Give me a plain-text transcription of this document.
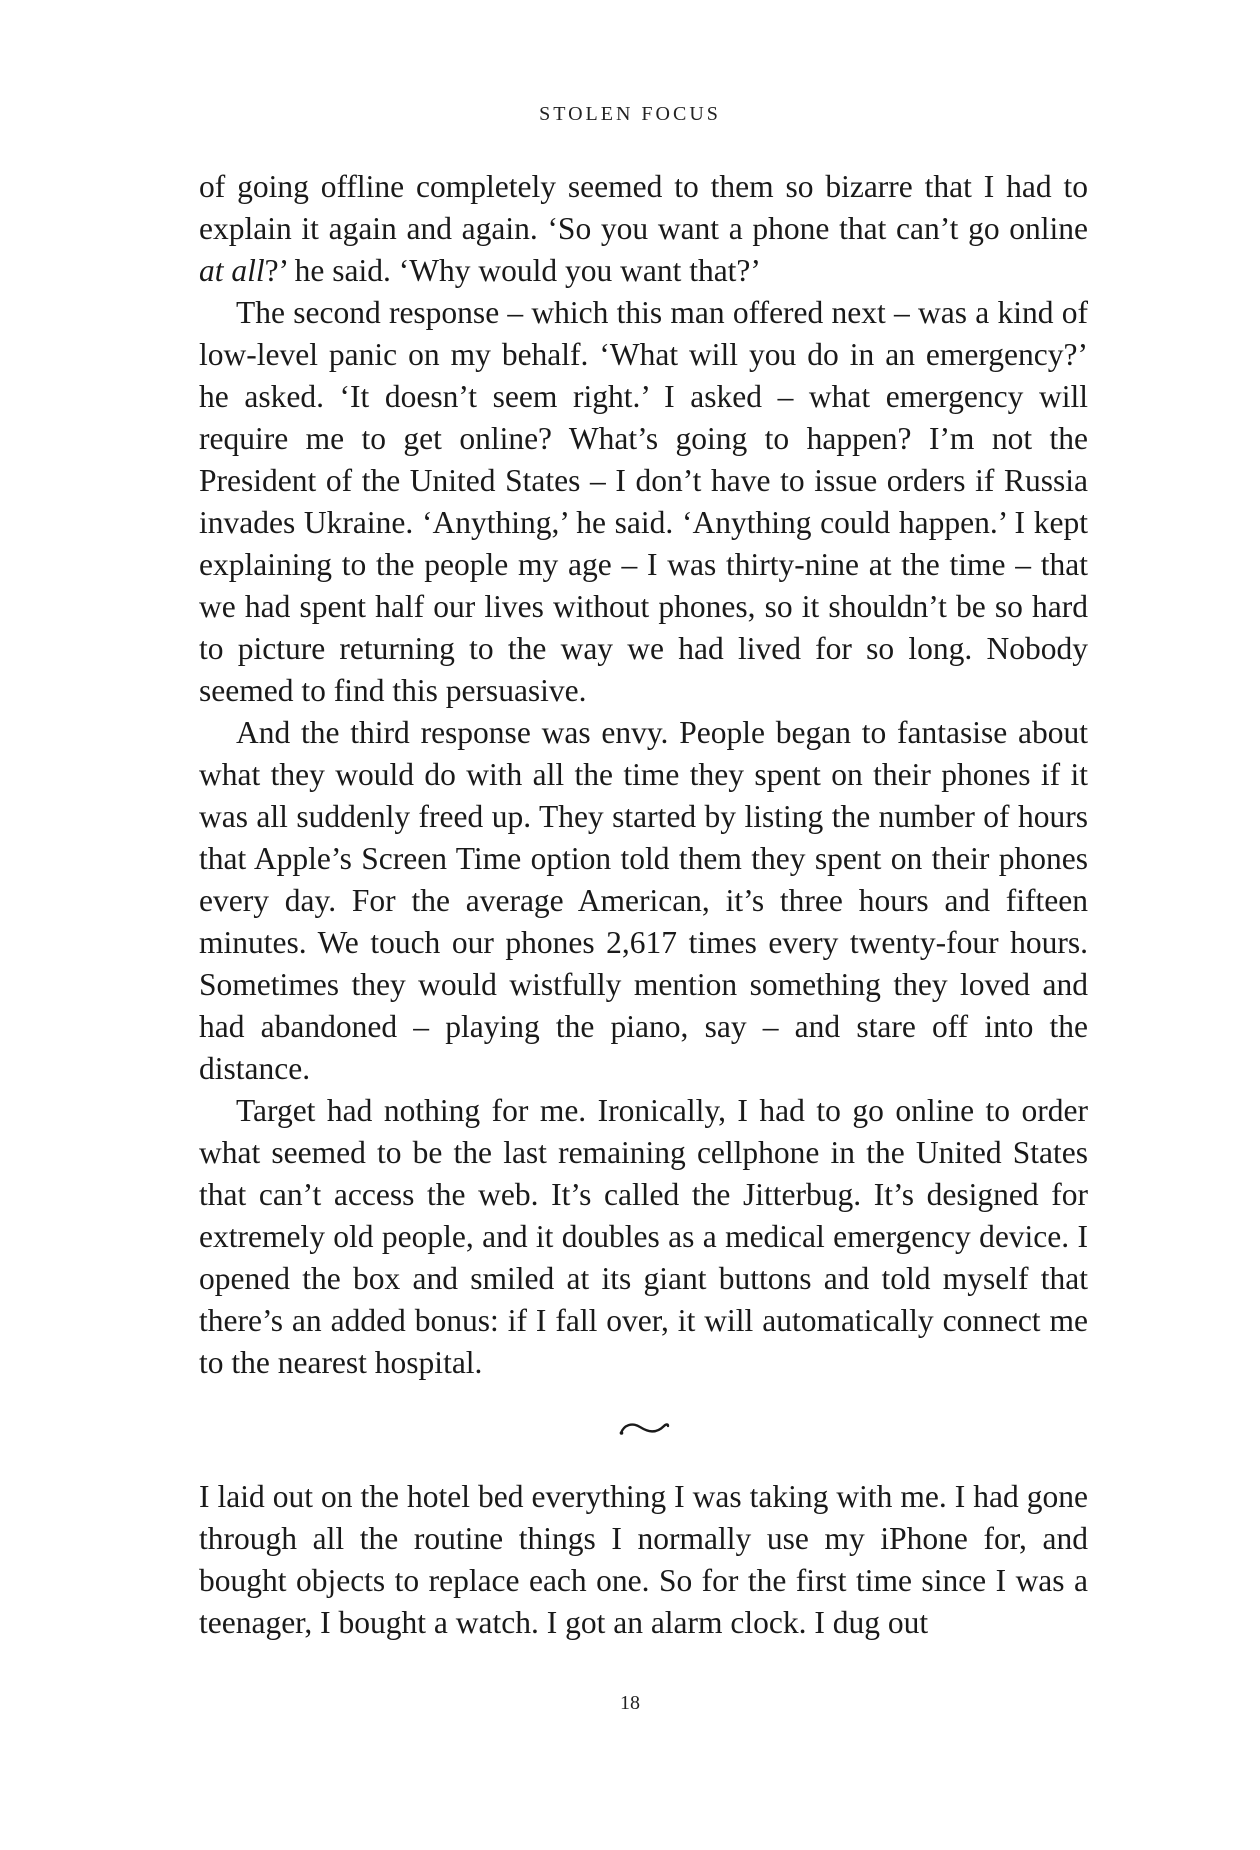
STOLEN FOCUS

of going offline completely seemed to them so bizarre that I had to explain it again and again. ‘So you want a phone that can’t go online at all?’ he said. ‘Why would you want that?’

The second response – which this man offered next – was a kind of low-level panic on my behalf. ‘What will you do in an emergency?’ he asked. ‘It doesn’t seem right.’ I asked – what emergency will require me to get online? What’s going to happen? I’m not the President of the United States – I don’t have to issue orders if Russia invades Ukraine. ‘Anything,’ he said. ‘Anything could happen.’ I kept explaining to the people my age – I was thirty-nine at the time – that we had spent half our lives without phones, so it shouldn’t be so hard to picture returning to the way we had lived for so long. Nobody seemed to find this persuasive.

And the third response was envy. People began to fantasise about what they would do with all the time they spent on their phones if it was all suddenly freed up. They started by listing the number of hours that Apple’s Screen Time option told them they spent on their phones every day. For the average American, it’s three hours and fifteen minutes. We touch our phones 2,617 times every twenty-four hours. Sometimes they would wistfully mention something they loved and had abandoned – playing the piano, say – and stare off into the distance.

Target had nothing for me. Ironically, I had to go online to order what seemed to be the last remaining cellphone in the United States that can’t access the web. It’s called the Jitterbug. It’s designed for extremely old people, and it doubles as a medical emergency device. I opened the box and smiled at its giant buttons and told myself that there’s an added bonus: if I fall over, it will automatically connect me to the nearest hospital.

I laid out on the hotel bed everything I was taking with me. I had gone through all the routine things I normally use my iPhone for, and bought objects to replace each one. So for the first time since I was a teenager, I bought a watch. I got an alarm clock. I dug out

18
